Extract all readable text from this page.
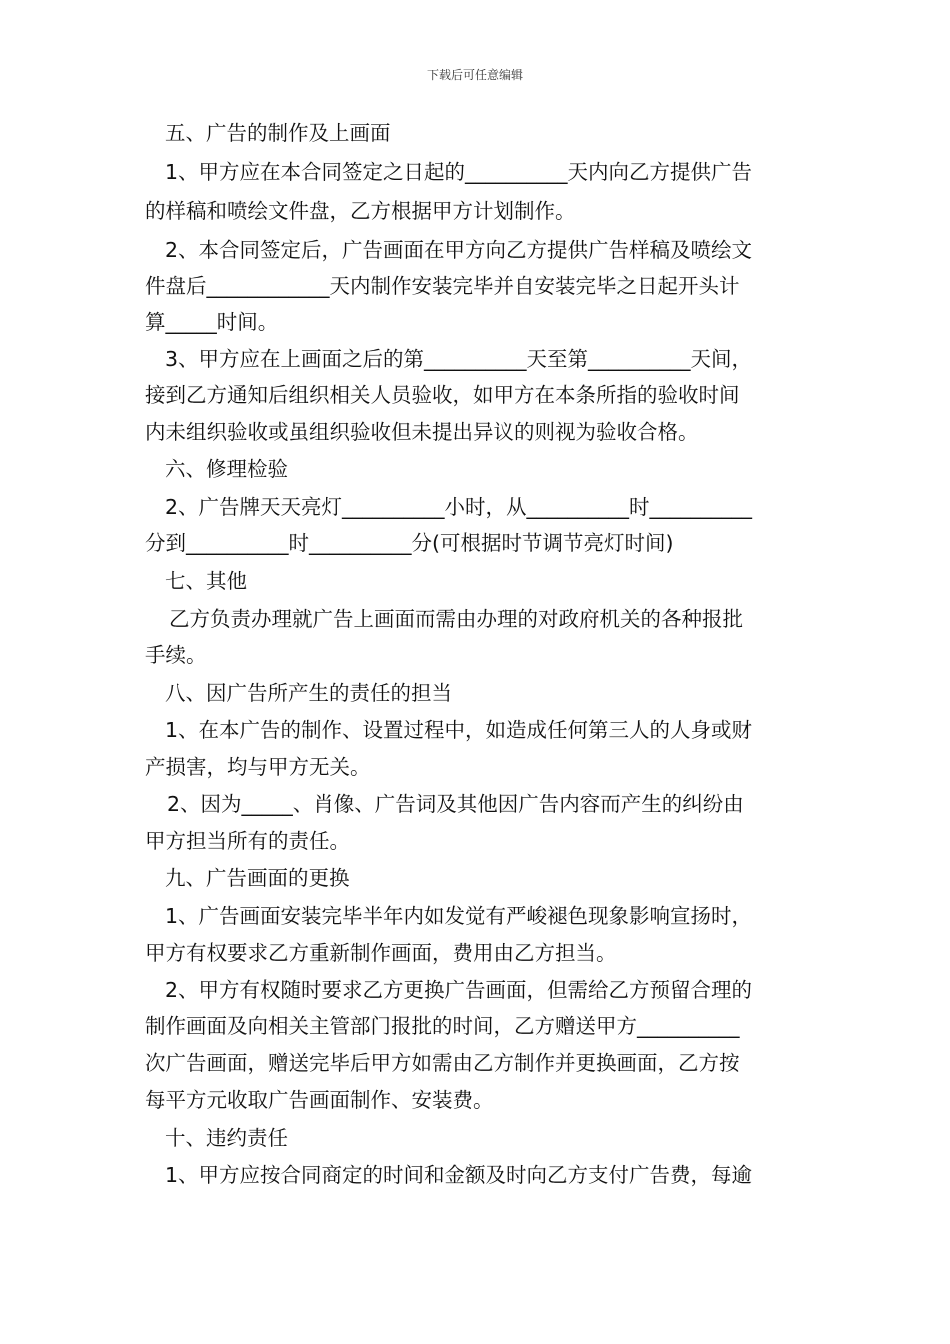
下载后可任意编辑
五、广告的制作及上画面
1、甲方应在本合同签定之日起的__________天内向乙方提供广告
的样稿和喷绘文件盘，乙方根据甲方计划制作。
2、本合同签定后，广告画面在甲方向乙方提供广告样稿及喷绘文
件盘后____________天内制作安装完毕并自安装完毕之日起开头计
算_____时间。
3、甲方应在上画面之后的第__________天至第__________天间，
接到乙方通知后组织相关人员验收，如甲方在本条所指的验收时间
内未组织验收或虽组织验收但未提出异议的则视为验收合格。
六、修理检验
2、广告牌天天亮灯__________小时，从__________时__________
分到__________时__________分(可根据时节调节亮灯时间)
七、其他
乙方负责办理就广告上画面而需由办理的对政府机关的各种报批
手续。
八、因广告所产生的责任的担当
1、在本广告的制作、设置过程中，如造成任何第三人的人身或财
产损害，均与甲方无关。
2、因为_____、肖像、广告词及其他因广告内容而产生的纠纷由
甲方担当所有的责任。
九、广告画面的更换
1、广告画面安装完毕半年内如发觉有严峻褪色现象影响宣扬时，
甲方有权要求乙方重新制作画面，费用由乙方担当。
2、甲方有权随时要求乙方更换广告画面，但需给乙方预留合理的
制作画面及向相关主管部门报批的时间，乙方赠送甲方__________
次广告画面，赠送完毕后甲方如需由乙方制作并更换画面，乙方按
每平方元收取广告画面制作、安装费。
十、违约责任
1、甲方应按合同商定的时间和金额及时向乙方支付广告费，每逾
